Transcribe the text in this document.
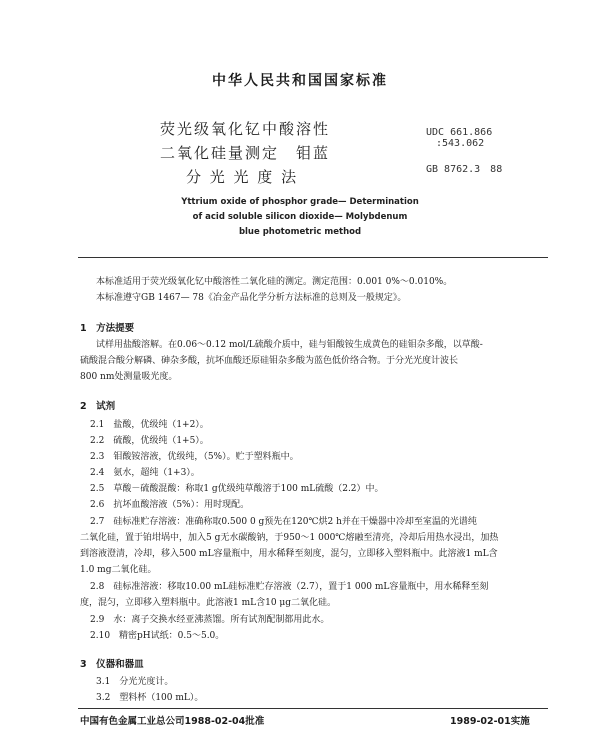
中华人民共和国国家标准
荧光级氧化钇中酸溶性
二氧化硅量测定　钼蓝
分 光 光 度 法
UDC 661.866
:543.062
GB 8762.3　88
Yttrium oxide of phosphor grade— Determination
of acid soluble silicon dioxide— Molybdenum
blue photometric method
本标准适用于荧光级氧化钇中酸溶性二氧化硅的测定。测定范围：0.001 0%～0.010%。
本标准遵守GB 1467— 78《冶金产品化学分析方法标准的总则及一般规定》。
1　方法提要
试样用盐酸溶解。在0.06～0.12 mol/L硫酸介质中，硅与钼酸铵生成黄色的硅钼杂多酸，以草酸-
硫酸混合酸分解磷、砷杂多酸，抗坏血酸还原硅钼杂多酸为蓝色低价络合物。于分光光度计波长
800 nm处测量吸光度。
2　试剂
2.1　盐酸，优级纯（1+2）。
2.2　硫酸，优级纯（1+5）。
2.3　钼酸铵溶液，优级纯，（5%）。贮于塑料瓶中。
2.4　氨水，超纯（1+3）。
2.5　草酸－硫酸混酸：称取1 g优级纯草酸溶于100 mL硫酸（2.2）中。
2.6　抗坏血酸溶液（5%）：用时现配。
2.7　硅标准贮存溶液：准确称取0.500 0 g预先在120℃烘2 h并在干燥器中冷却至室温的光谱纯
二氧化硅，置于铂坩埚中，加入5 g无水碳酸钠，于950～1 000℃熔融至清亮，冷却后用热水浸出，加热
到溶液澄清，冷却，移入500 mL容量瓶中，用水稀释至刻度，混匀，立即移入塑料瓶中。此溶液1 mL含
1.0 mg二氧化硅。
2.8　硅标准溶液：移取10.00 mL硅标准贮存溶液（2.7），置于1 000 mL容量瓶中，用水稀释至刻
度，混匀，立即移入塑料瓶中。此溶液1 mL含10 μg二氧化硅。
2.9　水：离子交换水经亚沸蒸馏。所有试剂配制都用此水。
2.10　精密pH试纸：0.5～5.0。
3　仪器和器皿
3.1　分光光度计。
3.2　塑料杯（100 mL）。
中国有色金属工业总公司1988-02-04批准	1989-02-01实施
